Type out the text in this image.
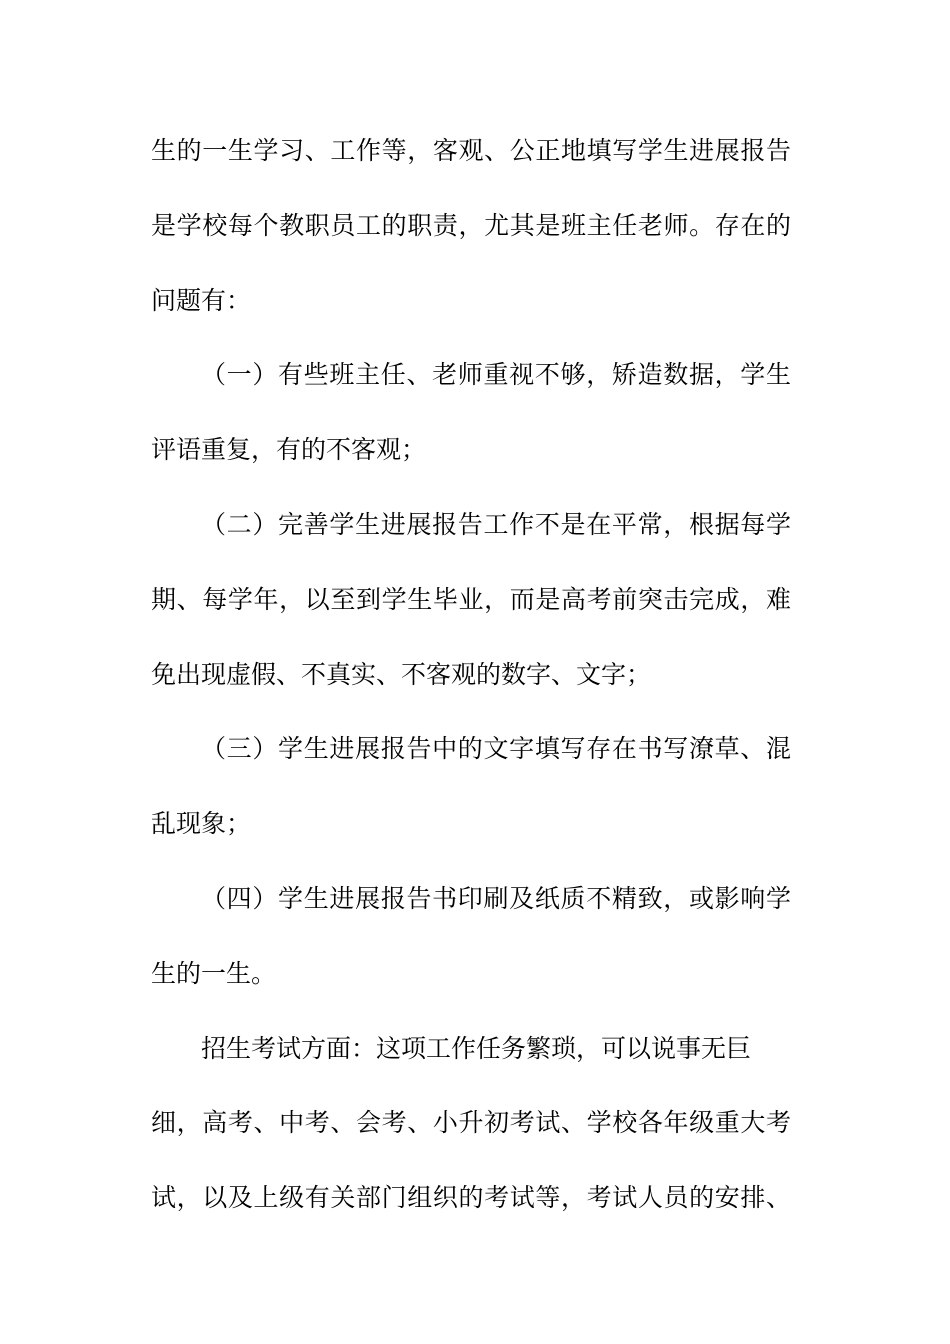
生的一生学习、工作等，客观、公正地填写学生进展报告
是学校每个教职员工的职责，尤其是班主任老师。存在的
问题有：
（一）有些班主任、老师重视不够，矫造数据，学生
评语重复，有的不客观；
（二）完善学生进展报告工作不是在平常，根据每学
期、每学年，以至到学生毕业，而是高考前突击完成，难
免出现虚假、不真实、不客观的数字、文字；
（三）学生进展报告中的文字填写存在书写潦草、混
乱现象；
（四）学生进展报告书印刷及纸质不精致，或影响学
生的一生。
招生考试方面：这项工作任务繁琐，可以说事无巨
细，高考、中考、会考、小升初考试、学校各年级重大考
试，以及上级有关部门组织的考试等，考试人员的安排、
